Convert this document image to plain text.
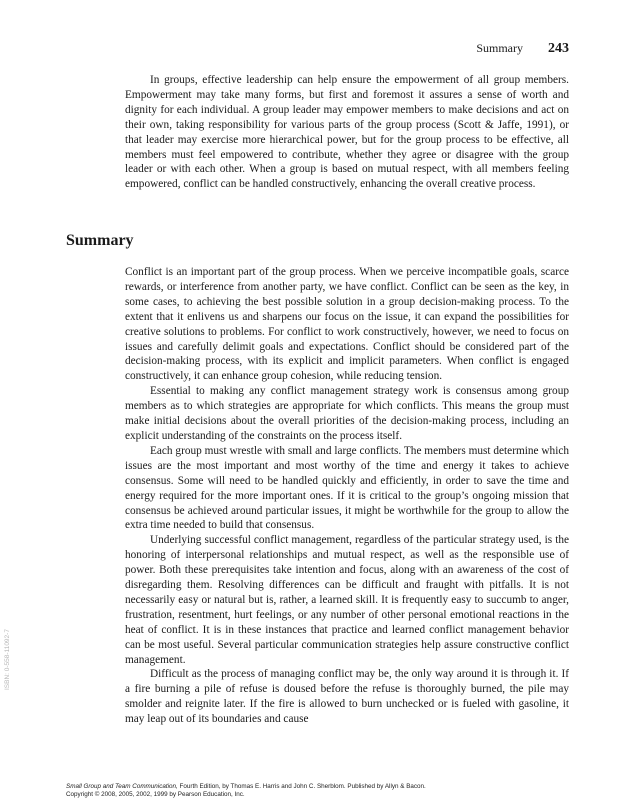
Summary 243

In groups, effective leadership can help ensure the empowerment of all group members. Empowerment may take many forms, but first and foremost it assures a sense of worth and dignity for each individual. A group leader may empower members to make decisions and act on their own, taking responsibility for various parts of the group process (Scott & Jaffe, 1991), or that leader may exercise more hierarchical power, but for the group process to be effective, all members must feel empowered to contribute, whether they agree or disagree with the group leader or with each other. When a group is based on mutual respect, with all members feeling empowered, conflict can be handled constructively, enhancing the overall creative process.

Summary

Conflict is an important part of the group process. When we perceive incompatible goals, scarce rewards, or interference from another party, we have conflict. Conflict can be seen as the key, in some cases, to achieving the best possible solution in a group decision-making process. To the extent that it enlivens us and sharpens our focus on the issue, it can expand the possibilities for creative solutions to problems. For conflict to work constructively, however, we need to focus on issues and carefully delimit goals and expectations. Conflict should be considered part of the decision-making process, with its explicit and implicit parameters. When conflict is engaged constructively, it can enhance group cohesion, while reducing tension.

Essential to making any conflict management strategy work is consensus among group members as to which strategies are appropriate for which conflicts. This means the group must make initial decisions about the overall priorities of the decision-making process, including an explicit understanding of the constraints on the process itself.

Each group must wrestle with small and large conflicts. The members must determine which issues are the most important and most worthy of the time and energy it takes to achieve consensus. Some will need to be handled quickly and efficiently, in order to save the time and energy required for the more important ones. If it is critical to the group’s ongoing mission that consensus be achieved around particular issues, it might be worthwhile for the group to allow the extra time needed to build that consensus.

Underlying successful conflict management, regardless of the particular strategy used, is the honoring of interpersonal relationships and mutual respect, as well as the responsible use of power. Both these prerequisites take intention and focus, along with an awareness of the cost of disregarding them. Resolving differences can be difficult and fraught with pitfalls. It is not necessarily easy or natural but is, rather, a learned skill. It is frequently easy to succumb to anger, frustration, resentment, hurt feelings, or any number of other personal emotional reactions in the heat of conflict. It is in these instances that practice and learned conflict management behavior can be most useful. Several particular communication strategies help assure constructive conflict management.

Difficult as the process of managing conflict may be, the only way around it is through it. If a fire burning a pile of refuse is doused before the refuse is thoroughly burned, the pile may smolder and reignite later. If the fire is allowed to burn unchecked or is fueled with gasoline, it may leap out of its boundaries and cause

ISBN: 0-558-11092-7
Small Group and Team Communication, Fourth Edition, by Thomas E. Harris and John C. Sherblom. Published by Allyn & Bacon.
Copyright © 2008, 2005, 2002, 1999 by Pearson Education, Inc.
